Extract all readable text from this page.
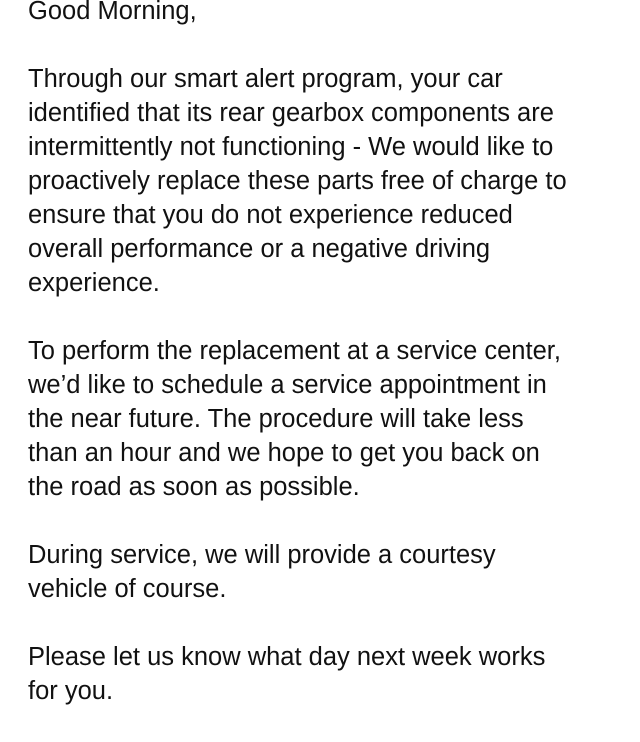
Good Morning,

Through our smart alert program, your car
identified that its rear gearbox components are
intermittently not functioning - We would like to
proactively replace these parts free of charge to
ensure that you do not experience reduced
overall performance or a negative driving
experience.

To perform the replacement at a service center,
we’d like to schedule a service appointment in
the near future. The procedure will take less
than an hour and we hope to get you back on
the road as soon as possible.

During service, we will provide a courtesy
vehicle of course.

Please let us know what day next week works
for you.
